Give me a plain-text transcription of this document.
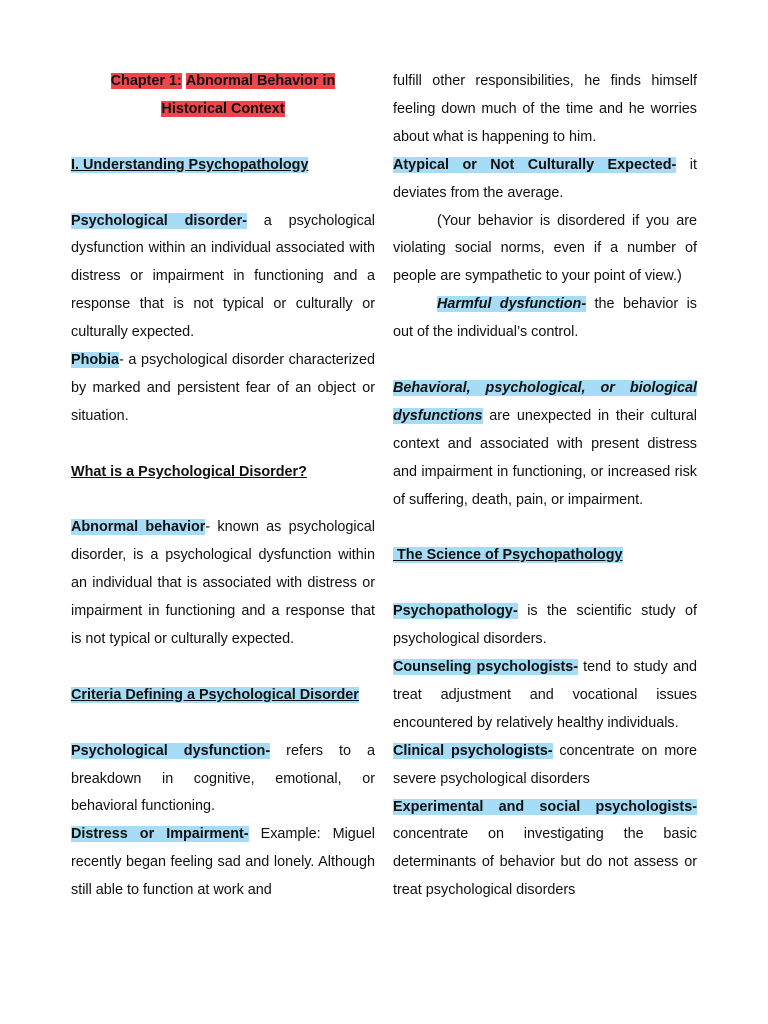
Chapter 1: Abnormal Behavior in

Historical Context

I. Understanding Psychopathology

Psychological disorder- a psychological dysfunction within an individual associated with distress or impairment in functioning and a response that is not typical or culturally or culturally expected.

Phobia- a psychological disorder characterized by marked and persistent fear of an object or situation.

What is a Psychological Disorder?

Abnormal behavior- known as psychological disorder, is a psychological dysfunction within an individual that is associated with distress or impairment in functioning and a response that is not typical or culturally expected.

Criteria Defining a Psychological Disorder

Psychological dysfunction- refers to a breakdown in cognitive, emotional, or behavioral functioning.

Distress or Impairment- Example: Miguel recently began feeling sad and lonely. Although still able to function at work and

fulfill other responsibilities, he finds himself feeling down much of the time and he worries about what is happening to him.

Atypical or Not Culturally Expected- it deviates from the average.

(Your behavior is disordered if you are violating social norms, even if a number of people are sympathetic to your point of view.)

Harmful dysfunction- the behavior is out of the individual’s control.

Behavioral, psychological, or biological dysfunctions are unexpected in their cultural context and associated with present distress and impairment in functioning, or increased risk of suffering, death, pain, or impairment.

The Science of Psychopathology

Psychopathology- is the scientific study of psychological disorders.

Counseling psychologists- tend to study and treat adjustment and vocational issues encountered by relatively healthy individuals.

Clinical psychologists- concentrate on more severe psychological disorders

Experimental and social psychologists- concentrate on investigating the basic determinants of behavior but do not assess or treat psychological disorders
